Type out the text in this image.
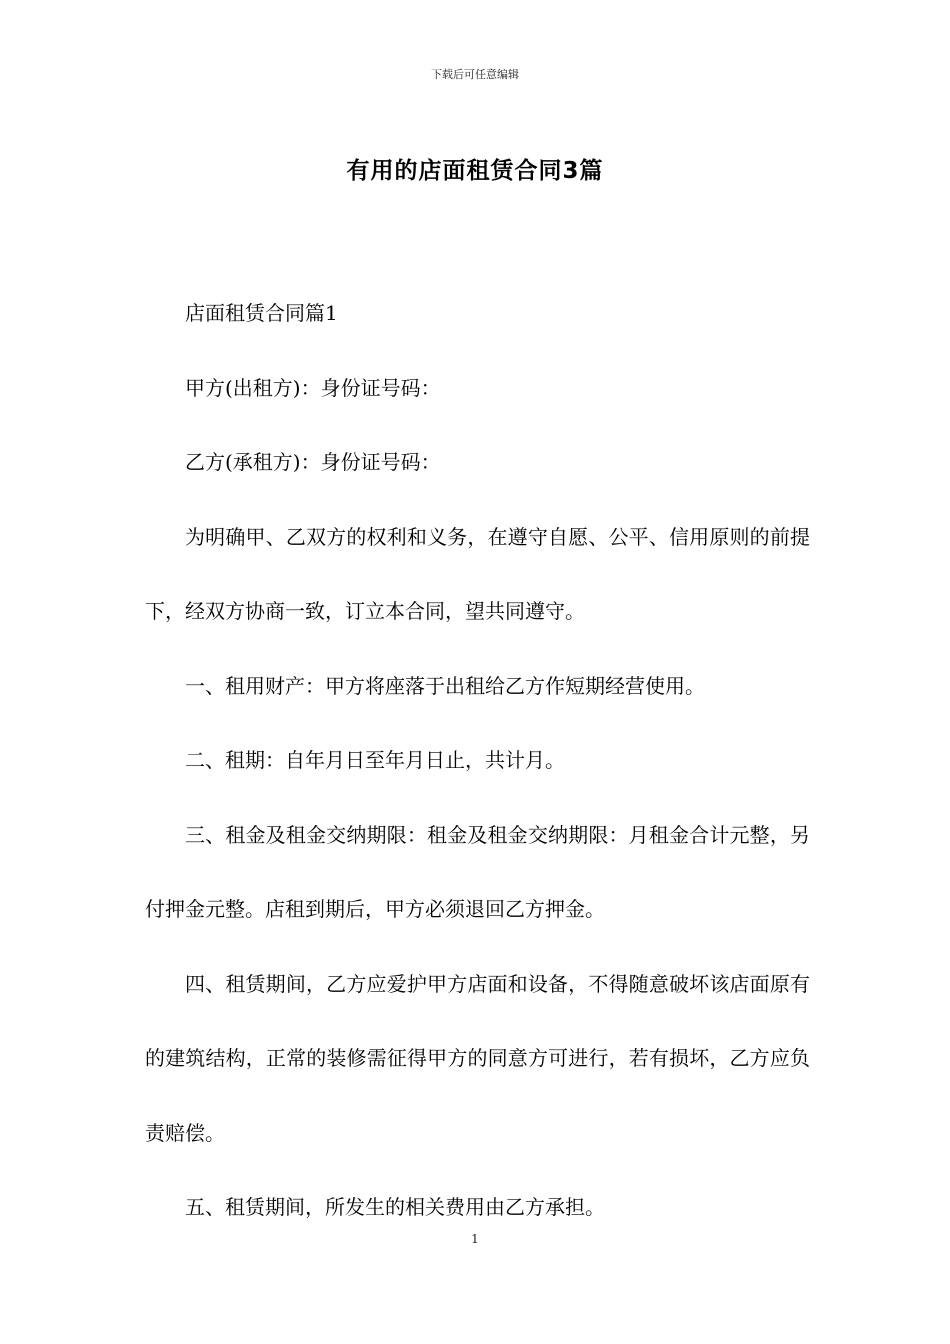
下载后可任意编辑
有用的店面租赁合同3篇

店面租赁合同篇1

甲方(出租方)：身份证号码：

乙方(承租方)：身份证号码：

为明确甲、乙双方的权利和义务，在遵守自愿、公平、信用原则的前提下，经双方协商一致，订立本合同，望共同遵守。

一、租用财产：甲方将座落于出租给乙方作短期经营使用。

二、租期：自年月日至年月日止，共计月。

三、租金及租金交纳期限：租金及租金交纳期限：月租金合计元整，另付押金元整。店租到期后，甲方必须退回乙方押金。

四、租赁期间，乙方应爱护甲方店面和设备，不得随意破坏该店面原有的建筑结构，正常的装修需征得甲方的同意方可进行，若有损坏，乙方应负责赔偿。

五、租赁期间，所发生的相关费用由乙方承担。

1
